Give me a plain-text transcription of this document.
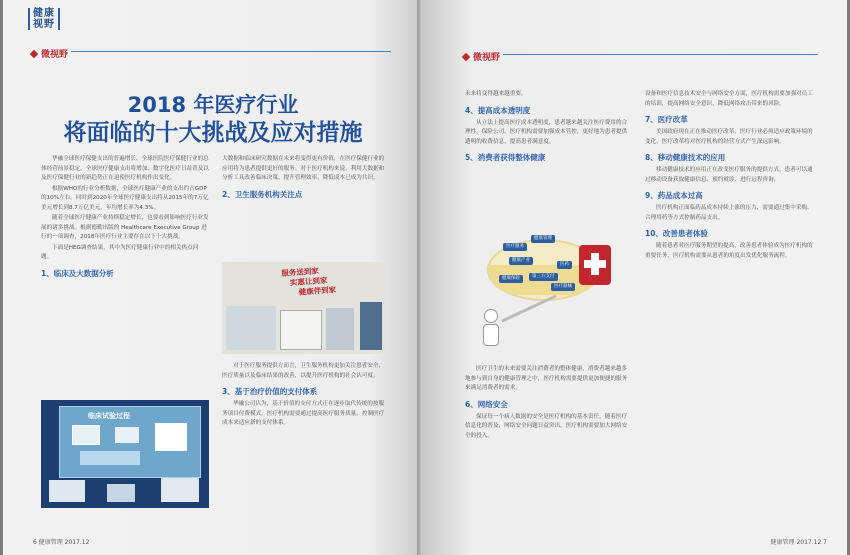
健康
视野
微视野
2018 年医疗行业
将面临的十大挑战及应对措施

华融全球医疗保健支出的普遍增长、全球医院医疗保健行业的总体经营前景稳定。全球医疗健康支出将增加、数字化医疗日益普及以及医疗保健行业的新趋势正在迫使医疗机构作出变化。

根据WHO的行业分析数据，全球医疗健康产业的支出约占GDP的10%左右。同时到2020年全球医疗健康支出将从2015年的7万亿美元增长到8.7万亿美元，年均增长率为4.3%。

随着全球医疗健康产业持续稳定增长，也要看到影响医疗行业发展的诸多挑战。根据德勤出版的 Healthcare Executive Group 进行的一项调查，2018年医疗行业主要存在以下十大挑战。

下面是HEG调查结果，其中为医疗健康行业中的相关热点问题。

1、临床及大数据分析
临床试验过程

大数据和临床研究数据在未来将变得更有价值，在医疗保健行业的应用将为患者提供更好的服务。对于医疗机构来说，利用大数据和分析工具改善临床决策、提升管理效率、降低成本已成为共识。

2、卫生服务机构关注点
服务送到家
实惠让到家
健康伴到家

对于医疗服务提供方而言，卫生服务机构更加关注患者安全、医疗质量以及临床结果的改善，以提升医疗机构的社会认可度。

3、基于治疗价值的支付体系

华融公司认为，基于价值的支付方式正在逐步取代传统的按服务项目付费模式，医疗机构需要通过提高医疗服务质量、控制医疗成本来适应新的支付体系。

6 健康管理 2017.12
微视野

未来将变得越来越重要。

4、提高成本透明度

从立法上提高医疗成本透明度，患者越来越关注医疗费用的合理性。保险公司、医疗机构需要加强成本管控，更好地为患者提供透明的收费信息，提高患者满意度。

5、消费者获得整体健康
医疗服务
健康管理
健康产业
医药
第三方支付
健康保险
医疗器械

医疗卫生的未来需要关注消费者的整体健康，消费者越来越多地参与到自身的健康管理之中，医疗机构需要提供更加便捷的服务来满足消费者的需求。

6、网络安全

保证每一个病人数据的安全是医疗机构的基本责任，随着医疗信息化的普及，网络安全问题日益突出，医疗机构需要加大网络安全的投入。

设备和医疗信息技术安全与网络安全方面，医疗机构需要加强对员工的培训，提高网络安全意识，降低网络攻击带来的风险。

7、医疗改革

美国政府现在正在推动医疗改革，医疗行业必须适应政策环境的变化。医疗改革将对医疗机构的经营方式产生深远影响。

8、移动健康技术的应用

移动健康技术的应用正在改变医疗服务的提供方式，患者可以通过移动设备获取健康信息、预约就诊、进行远程咨询。

9、药品成本过高

医疗机构正面临药品成本持续上涨的压力，需要通过集中采购、合理用药等方式控制药品支出。

10、改善患者体验

随着患者对医疗服务期望的提高，改善患者体验成为医疗机构的重要任务，医疗机构需要从患者的角度出发优化服务流程。

健康管理 2017.12 7
